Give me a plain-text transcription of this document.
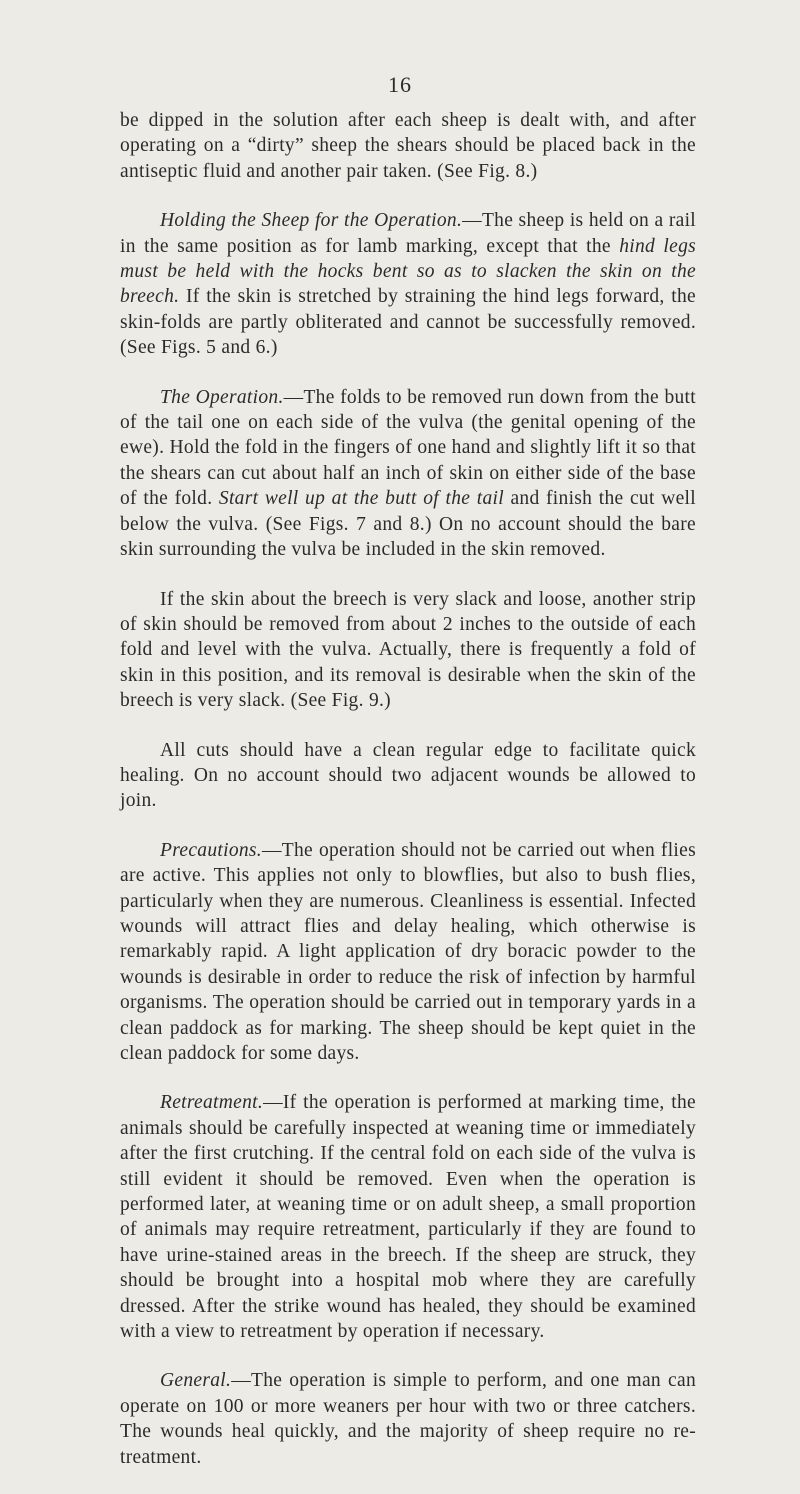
16

be dipped in the solution after each sheep is dealt with, and after operating on a “dirty” sheep the shears should be placed back in the antiseptic fluid and another pair taken. (See Fig. 8.)

Holding the Sheep for the Operation.—The sheep is held on a rail in the same position as for lamb marking, except that the hind legs must be held with the hocks bent so as to slacken the skin on the breech. If the skin is stretched by straining the hind legs forward, the skin-folds are partly obliterated and cannot be successfully removed. (See Figs. 5 and 6.)

The Operation.—The folds to be removed run down from the butt of the tail one on each side of the vulva (the genital opening of the ewe). Hold the fold in the fingers of one hand and slightly lift it so that the shears can cut about half an inch of skin on either side of the base of the fold. Start well up at the butt of the tail and finish the cut well below the vulva. (See Figs. 7 and 8.) On no account should the bare skin surrounding the vulva be included in the skin removed.

If the skin about the breech is very slack and loose, another strip of skin should be removed from about 2 inches to the outside of each fold and level with the vulva. Actually, there is frequently a fold of skin in this position, and its removal is desirable when the skin of the breech is very slack. (See Fig. 9.)

All cuts should have a clean regular edge to facilitate quick healing. On no account should two adjacent wounds be allowed to join.

Precautions.—The operation should not be carried out when flies are active. This applies not only to blowflies, but also to bush flies, particularly when they are numerous. Cleanliness is essential. Infected wounds will attract flies and delay healing, which otherwise is remarkably rapid. A light application of dry boracic powder to the wounds is desirable in order to reduce the risk of infection by harmful organisms. The operation should be carried out in temporary yards in a clean paddock as for marking. The sheep should be kept quiet in the clean paddock for some days.

Retreatment.—If the operation is performed at marking time, the animals should be carefully inspected at weaning time or immediately after the first crutching. If the central fold on each side of the vulva is still evident it should be removed. Even when the operation is performed later, at weaning time or on adult sheep, a small proportion of animals may require retreatment, particularly if they are found to have urine-stained areas in the breech. If the sheep are struck, they should be brought into a hospital mob where they are carefully dressed. After the strike wound has healed, they should be examined with a view to retreatment by operation if necessary.

General.—The operation is simple to perform, and one man can operate on 100 or more weaners per hour with two or three catchers. The wounds heal quickly, and the majority of sheep require no re-treatment.
